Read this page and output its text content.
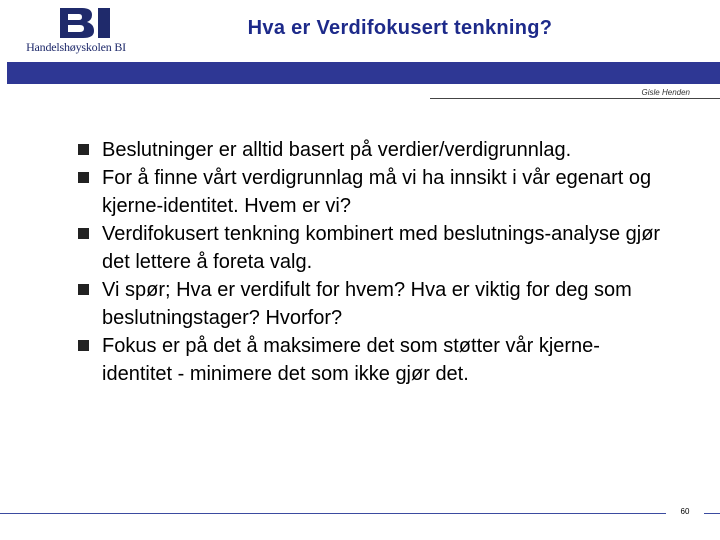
Handelshøyskolen BI
Hva er Verdifokusert tenkning?
Gisle Henden
Beslutninger er alltid basert på verdier/verdigrunnlag.
For å finne vårt verdigrunnlag må vi ha innsikt i vår egenart og kjerne-identitet. Hvem er vi?
Verdifokusert tenkning kombinert med beslutnings-analyse gjør det lettere å foreta valg.
Vi spør; Hva er verdifult for hvem? Hva er viktig for deg som beslutningstager? Hvorfor?
Fokus er på det å maksimere det som støtter vår kjerne-identitet - minimere det som ikke gjør det.
60
